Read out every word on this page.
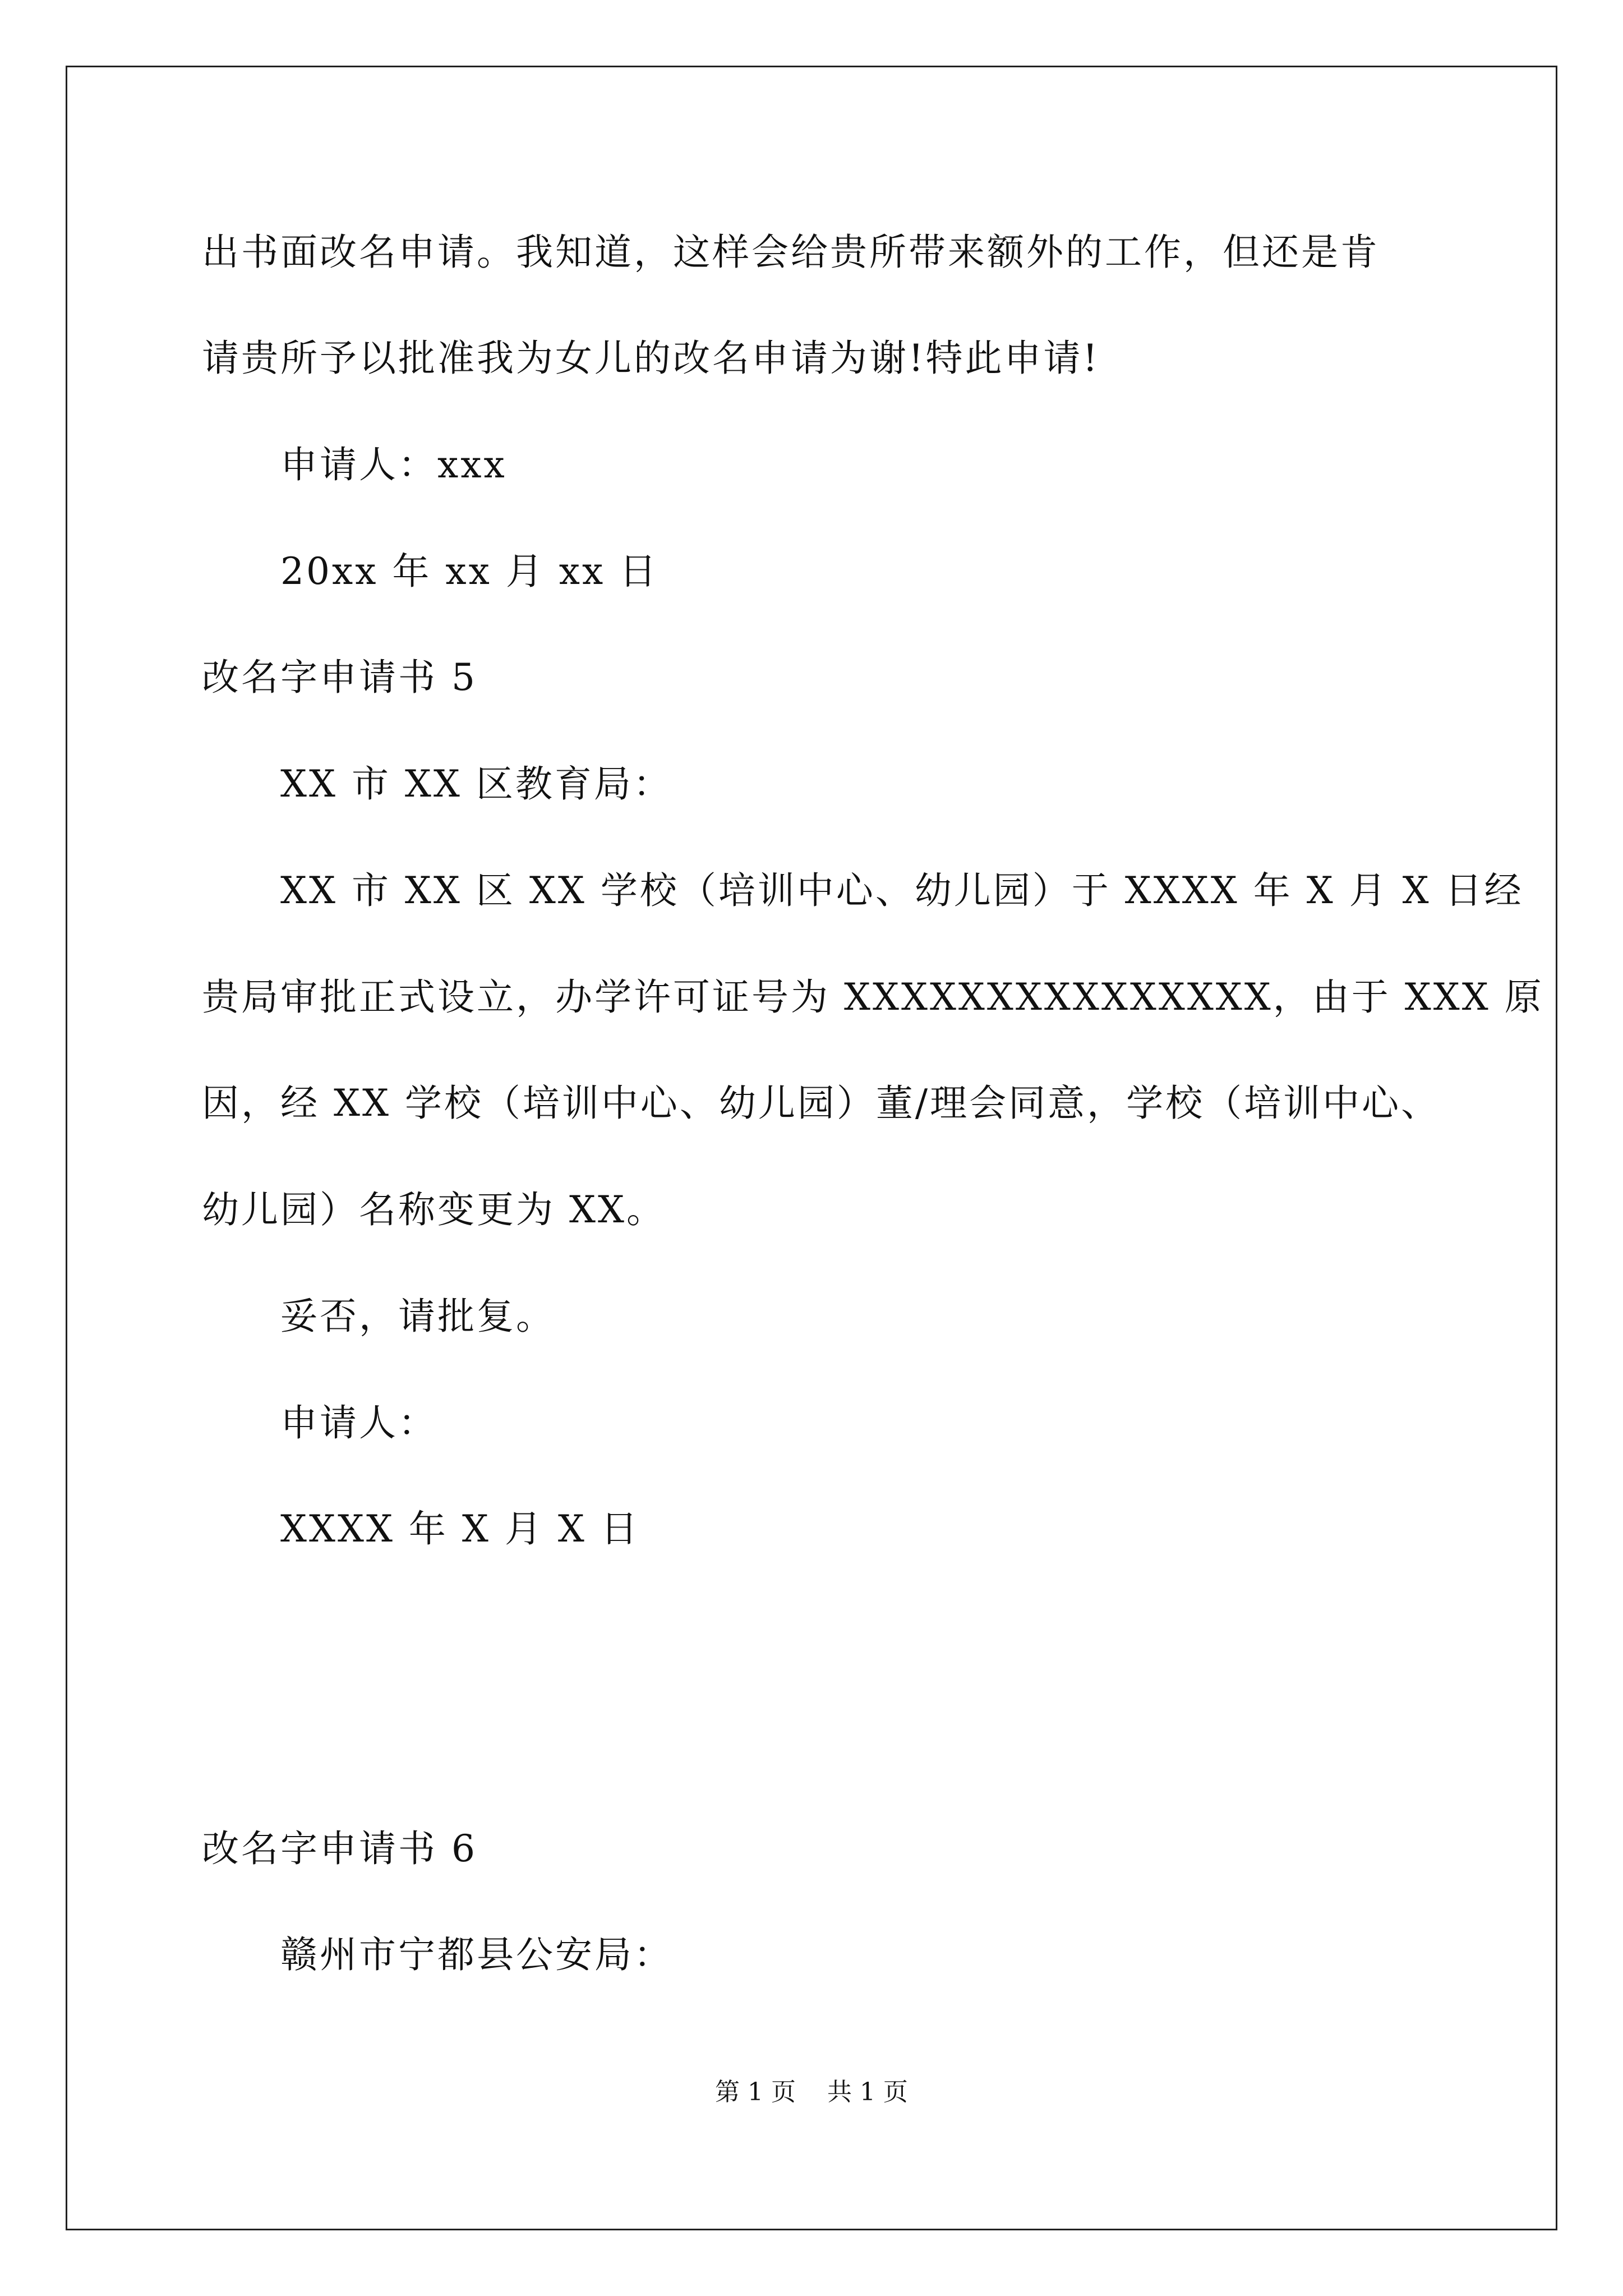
出书面改名申请。我知道，这样会给贵所带来额外的工作，但还是肯
请贵所予以批准我为女儿的改名申请为谢!特此申请!
申请人：xxx
20xx 年 xx 月 xx 日
改名字申请书 5
XX 市 XX 区教育局：
XX 市 XX 区 XX 学校（培训中心、幼儿园）于 XXXX 年 X 月 X 日经
贵局审批正式设立，办学许可证号为 XXXXXXXXXXXXXXX，由于 XXX 原
因，经 XX 学校（培训中心、幼儿园）董/理会同意，学校（培训中心、
幼儿园）名称变更为 XX。
妥否，请批复。
申请人：
XXXX 年 X 月 X 日
改名字申请书 6
赣州市宁都县公安局：
第 1 页    共 1 页
